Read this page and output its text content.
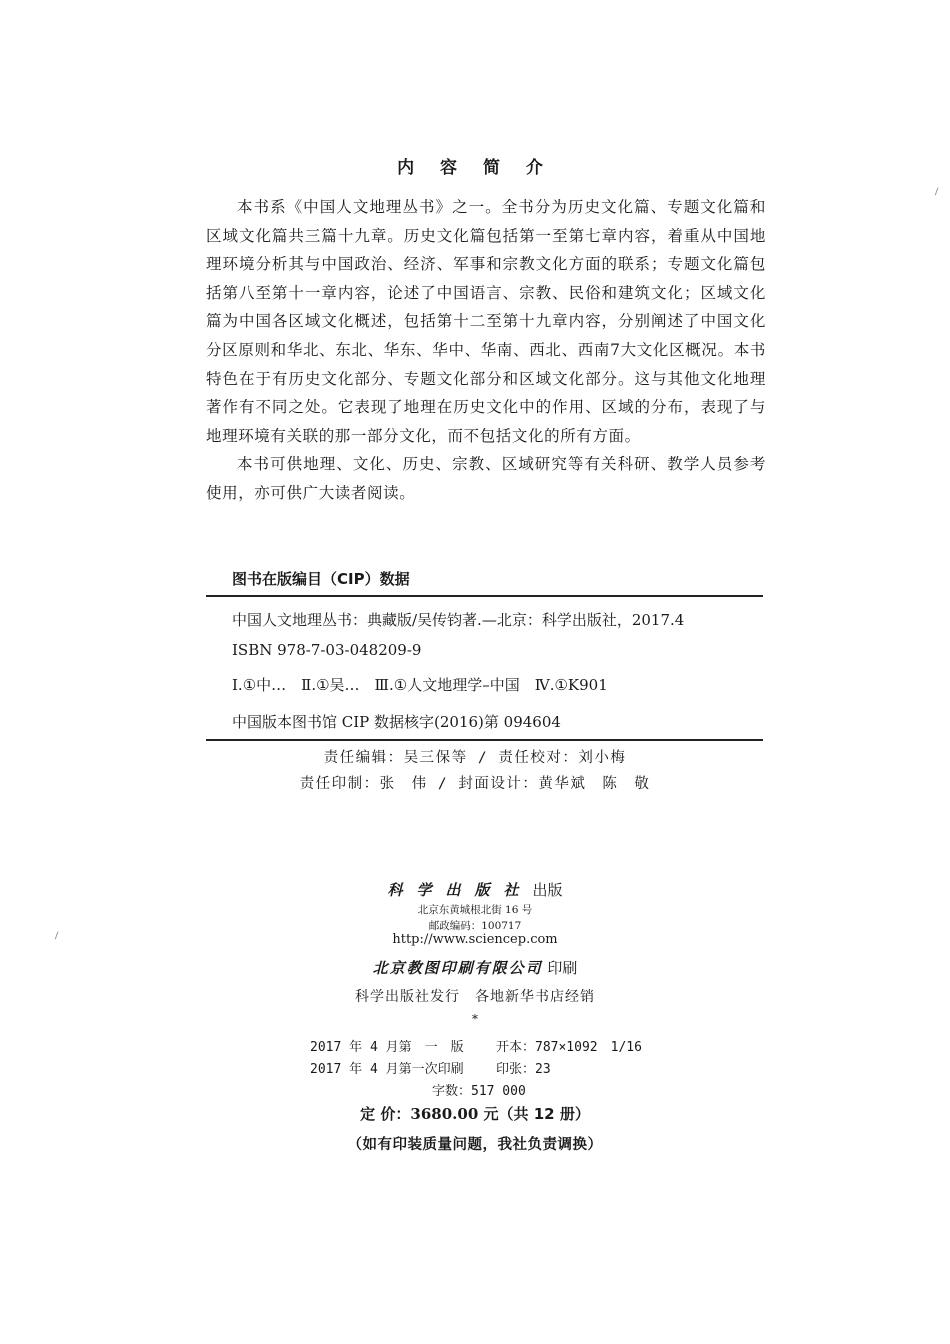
内 容 简 介

本书系《中国人文地理丛书》之一。全书分为历史文化篇、专题文化篇和区域文化篇共三篇十九章。历史文化篇包括第一至第七章内容，着重从中国地理环境分析其与中国政治、经济、军事和宗教文化方面的联系；专题文化篇包括第八至第十一章内容，论述了中国语言、宗教、民俗和建筑文化；区域文化篇为中国各区域文化概述，包括第十二至第十九章内容，分别阐述了中国文化分区原则和华北、东北、华东、华中、华南、西北、西南7大文化区概况。本书特色在于有历史文化部分、专题文化部分和区域文化部分。这与其他文化地理著作有不同之处。它表现了地理在历史文化中的作用、区域的分布，表现了与地理环境有关联的那一部分文化，而不包括文化的所有方面。

本书可供地理、文化、历史、宗教、区域研究等有关科研、教学人员参考使用，亦可供广大读者阅读。

图书在版编目（CIP）数据
中国人文地理丛书：典藏版/吴传钧著.—北京：科学出版社，2017.4
ISBN 978-7-03-048209-9
Ⅰ.①中…　Ⅱ.①吴…　Ⅲ.①人文地理学–中国　Ⅳ.①K901
中国版本图书馆 CIP 数据核字(2016)第 094604
责任编辑：吴三保等 / 责任校对：刘小梅
责任印制：张　伟 / 封面设计：黄华斌　陈　敬
科学出版社出版
北京东黄城根北街 16 号
邮政编码：100717
http://www.sciencep.com
北京教图印刷有限公司 印刷
科学出版社发行　各地新华书店经销
*
2017 年 4 月第　一　版 开本：787×1092　1/16
2017 年 4 月第一次印刷 印张：23
字数：517 000
定 价：3680.00 元（共 12 册）
（如有印装质量问题，我社负责调换）
